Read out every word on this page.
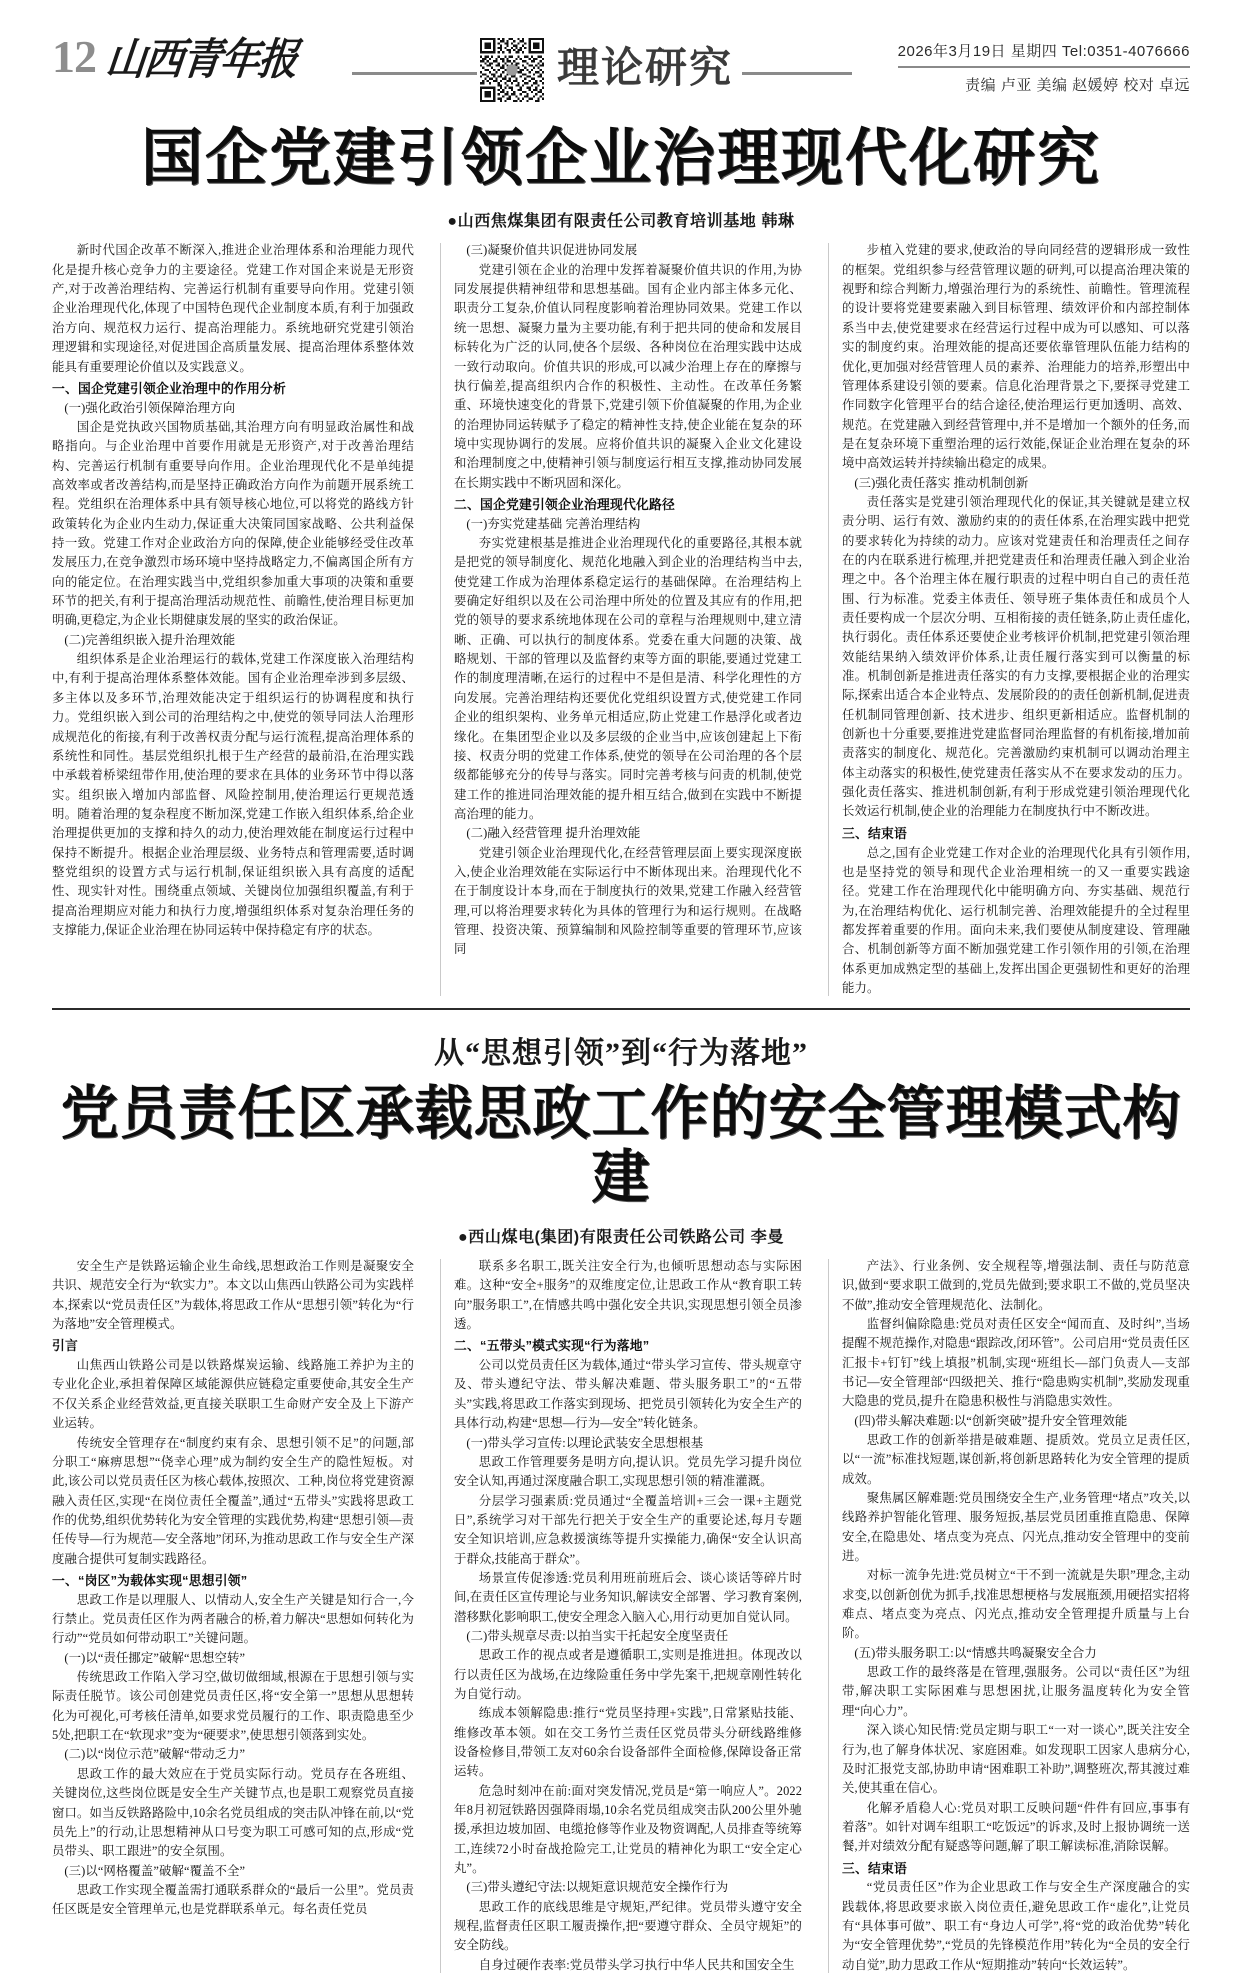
12 山西青年报	理论研究	2026年3月19日 星期四 Tel:0351-4076666
责编 卢亚 美编 赵媛婷 校对 卓远
国企党建引领企业治理现代化研究
●山西焦煤集团有限责任公司教育培训基地 韩琳

新时代国企改革不断深入,推进企业治理体系和治理能力现代化是提升核心竞争力的主要途径。党建工作对国企来说是无形资产,对于改善治理结构、完善运行机制有重要导向作用。党建引领企业治理现代化,体现了中国特色现代企业制度本质,有利于加强政治方向、规范权力运行、提高治理能力。系统地研究党建引领治理逻辑和实现途径,对促进国企高质量发展、提高治理体系整体效能具有重要理论价值以及实践意义。

一、国企党建引领企业治理中的作用分析

(一)强化政治引领保障治理方向

国企是党执政兴国物质基础,其治理方向有明显政治属性和战略指向。与企业治理中首要作用就是无形资产,对于改善治理结构、完善运行机制有重要导向作用。企业治理现代化不是单纯提高效率或者改善结构,而是坚持正确政治方向作为前题开展系统工程。党组织在治理体系中具有领导核心地位,可以将党的路线方针政策转化为企业内生动力,保证重大决策同国家战略、公共利益保持一致。党建工作对企业政治方向的保障,使企业能够经受住改革发展压力,在竞争激烈市场环境中坚持战略定力,不偏离国企所有方向的能定位。在治理实践当中,党组织参加重大事项的决策和重要环节的把关,有利于提高治理活动规范性、前瞻性,使治理目标更加明确,更稳定,为企业长期健康发展的坚实的政治保证。

(二)完善组织嵌入提升治理效能

组织体系是企业治理运行的载体,党建工作深度嵌入治理结构中,有利于提高治理体系整体效能。国有企业治理牵涉到多层级、多主体以及多环节,治理效能决定于组织运行的协调程度和执行力。党组织嵌入到公司的治理结构之中,使党的领导同法人治理形成规范化的衔接,有利于改善权责分配与运行流程,提高治理体系的系统性和同性。基层党组织扎根于生产经营的最前沿,在治理实践中承载着桥梁纽带作用,使治理的要求在具体的业务环节中得以落实。组织嵌入增加内部监督、风险控制用,使治理运行更规范透明。随着治理的复杂程度不断加深,党建工作嵌入组织体系,给企业治理提供更加的支撑和持久的动力,使治理效能在制度运行过程中保持不断提升。根据企业治理层级、业务特点和管理需要,适时调整党组织的设置方式与运行机制,保证组织嵌入具有高度的适配性、现实针对性。围绕重点领域、关键岗位加强组织覆盖,有利于提高治理期应对能力和执行力度,增强组织体系对复杂治理任务的支撑能力,保证企业治理在协同运转中保持稳定有序的状态。

(三)凝聚价值共识促进协同发展

党建引领在企业的治理中发挥着凝聚价值共识的作用,为协同发展提供精神纽带和思想基础。国有企业内部主体多元化、职责分工复杂,价值认同程度影响着治理协同效果。党建工作以统一思想、凝聚力量为主要功能,有利于把共同的使命和发展目标转化为广泛的认同,使各个层级、各种岗位在治理实践中达成一致行动取向。价值共识的形成,可以减少治理上存在的摩擦与执行偏差,提高组织内合作的积极性、主动性。在改革任务繁重、环境快速变化的背景下,党建引领下价值凝聚的作用,为企业的治理协同运转赋予了稳定的精神性支持,使企业能在复杂的环境中实现协调行的发展。应将价值共识的凝聚入企业文化建设和治理制度之中,使精神引领与制度运行相互支撑,推动协同发展在长期实践中不断巩固和深化。

二、国企党建引领企业治理现代化路径

(一)夯实党建基础 完善治理结构

夯实党建根基是推进企业治理现代化的重要路径,其根本就是把党的领导制度化、规范化地融入到企业的治理结构当中去,使党建工作成为治理体系稳定运行的基础保障。在治理结构上要确定好组织以及在公司治理中所处的位置及其应有的作用,把党的领导的要求系统地体现在公司的章程与治理规则中,建立清晰、正确、可以执行的制度体系。党委在重大问题的决策、战略规划、干部的管理以及监督约束等方面的职能,要通过党建工作的制度理清晰,在运行的过程中不是但是清、科学化理性的方向发展。完善治理结构还要优化党组织设置方式,使党建工作同企业的组织架构、业务单元相适应,防止党建工作悬浮化或者边缘化。在集团型企业以及多层级的企业当中,应该创建起上下衔接、权责分明的党建工作体系,使党的领导在公司治理的各个层级都能够充分的传导与落实。同时完善考核与问责的机制,使党建工作的推进同治理效能的提升相互结合,做到在实践中不断提高治理的能力。

(二)融入经营管理 提升治理效能

党建引领企业治理现代化,在经营管理层面上要实现深度嵌入,使企业治理效能在实际运行中不断体现出来。治理现代化不在于制度设计本身,而在于制度执行的效果,党建工作融入经营管理,可以将治理要求转化为具体的管理行为和运行规则。在战略管理、投资决策、预算编制和风险控制等重要的管理环节,应该同

步植入党建的要求,使政治的导向同经营的逻辑形成一致性的框架。党组织参与经营管理议题的研判,可以提高治理决策的视野和综合判断力,增强治理行为的系统性、前瞻性。管理流程的设计要将党建要素融入到目标管理、绩效评价和内部控制体系当中去,使党建要求在经营运行过程中成为可以感知、可以落实的制度约束。治理效能的提高还要依靠管理队伍能力结构的优化,更加强对经营管理人员的素养、治理能力的培养,形塑出中管理体系建设引领的要素。信息化治理背景之下,要探寻党建工作同数字化管理平台的结合途径,使治理运行更加透明、高效、规范。在党建融入到经营管理中,并不是增加一个额外的任务,而是在复杂环境下重塑治理的运行效能,保证企业治理在复杂的环境中高效运转并持续输出稳定的成果。

(三)强化责任落实 推动机制创新

责任落实是党建引领治理现代化的保证,其关键就是建立权责分明、运行有效、激励约束的的责任体系,在治理实践中把党的要求转化为持续的动力。应该对党建责任和治理责任之间存在的内在联系进行梳理,并把党建责任和治理责任融入到企业治理之中。各个治理主体在履行职责的过程中明白自己的责任范围、行为标准。党委主体责任、领导班子集体责任和成员个人责任要构成一个层次分明、互相衔接的责任链条,防止责任虚化,执行弱化。责任体系还要使企业考核评价机制,把党建引领治理效能结果纳入绩效评价体系,让责任履行落实到可以衡量的标准。机制创新是推进责任落实的有力支撑,要根据企业的治理实际,探索出适合本企业特点、发展阶段的的责任创新机制,促进责任机制同管理创新、技术进步、组织更新相适应。监督机制的创新也十分重要,要推进党建监督同治理监督的有机衔接,增加前责落实的制度化、规范化。完善激励约束机制可以调动治理主体主动落实的积极性,使党建责任落实从不在要求发动的压力。强化责任落实、推进机制创新,有利于形成党建引领治理现代化长效运行机制,使企业的治理能力在制度执行中不断改进。

三、结束语

总之,国有企业党建工作对企业的治理现代化具有引领作用,也是坚持党的领导和现代企业治理相统一的又一重要实践途径。党建工作在治理现代化中能明确方向、夯实基础、规范行为,在治理结构优化、运行机制完善、治理效能提升的全过程里都发挥着重要的作用。面向未来,我们要使从制度建设、管理融合、机制创新等方面不断加强党建工作引领作用的引领,在治理体系更加成熟定型的基础上,发挥出国企更强韧性和更好的治理能力。

从“思想引领”到“行为落地”
党员责任区承载思政工作的安全管理模式构建
●西山煤电(集团)有限责任公司铁路公司 李曼

安全生产是铁路运输企业生命线,思想政治工作则是凝聚安全共识、规范安全行为“软实力”。本文以山焦西山铁路公司为实践样本,探索以“党员责任区”为载体,将思政工作从“思想引领”转化为“行为落地”安全管理模式。

引言

山焦西山铁路公司是以铁路煤炭运输、线路施工养护为主的专业化企业,承担着保障区域能源供应链稳定重要使命,其安全生产不仅关系企业经营效益,更直接关联职工生命财产安全及上下游产业运转。

传统安全管理存在“制度约束有余、思想引领不足”的问题,部分职工“麻痹思想”“侥幸心理”成为制约安全生产的隐性短板。对此,该公司以党员责任区为核心载体,按照次、工种,岗位将党建资源融入责任区,实现“在岗位责任全覆盖”,通过“五带头”实践将思政工作的优势,组织优势转化为安全管理的实践优势,构建“思想引领—责任传导—行为规范—安全落地”闭环,为推动思政工作与安全生产深度融合提供可复制实践路径。

一、“岗区”为载体实现“思想引领”

思政工作是以理服人、以情动人,安全生产关键是知行合一,今行禁止。党员责任区作为两者融合的桥,着力解决“思想如何转化为行动”“党员如何带动职工”关键问题。

(一)以“责任挪定”破解“思想空转”

传统思政工作陷入学习空,做切做细域,根源在于思想引领与实际责任脱节。该公司创建党员责任区,将“安全第一”思想从思想转化为可视化,可考核任清单,如要求党员履行的工作、职责隐患至少5处,把职工在“软现求”变为“硬要求”,使思想引领落到实处。

(二)以“岗位示范”破解“带动乏力”

思政工作的最大效应在于党员实际行动。党员存在各班组、关键岗位,这些岗位既是安全生产关键节点,也是职工观察党员直接窗口。如当反铁路路险中,10余名党员组成的突击队冲锋在前,以“党员先上”的行动,让思想精神从口号变为职工可感可知的点,形成“党员带头、职工跟进”的安全氛围。

(三)以“网格覆盖”破解“覆盖不全”

思政工作实现全覆盖需打通联系群众的“最后一公里”。党员责任区既是安全管理单元,也是党群联系单元。每名责任党员

联系多名职工,既关注安全行为,也倾听思想动态与实际困难。这种“安全+服务”的双维度定位,让思政工作从“教育职工转向”服务职工”,在情感共鸣中强化安全共识,实现思想引领全员渗透。

二、“五带头”模式实现“行为落地”

公司以党员责任区为载体,通过“带头学习宣传、带头规章守及、带头遵纪守法、带头解决难题、带头服务职工”的“五带头”实践,将思政工作落实到现场、把党员引领转化为安全生产的具体行动,构建“思想—行为—安全”转化链条。

(一)带头学习宣传:以理论武装安全思想根基

思政工作管理要务是明方向,提认识。党员先学习提升岗位安全认知,再通过深度融合职工,实现思想引领的精准灌溉。

分层学习强素质:党员通过“全覆盖培训+三会一课+主题党日”,系统学习对干部先行把关于安全生产的重要论述,每月专题安全知识培训,应急救援演练等提升实操能力,确保“安全认识高于群众,技能高于群众”。

场景宣传促渗透:党员利用班前班后会、谈心谈话等碎片时间,在责任区宣传理论与业务知识,解读安全部署、学习教育案例,潜移默化影响职工,使安全理念入脑入心,用行动更加自觉认同。

(二)带头规章尽责:以拍当实干托起安全度坚责任

思政工作的视点或者是遵循职工,实则是推进担。体现改以行以责任区为战场,在边缘险重任务中学先案干,把规章刚性转化为自觉行动。

练成本领解隐患:推行“党员坚持理+实践”,日常紧贴技能、维修改革本领。如在交工务竹兰责任区党员带头分研线路维修设备检修目,带领工友对60余台设备部件全面检修,保障设备正常运转。

危急时刻冲在前:面对突发情况,党员是“第一响应人”。2022年8月初冠铁路因强降雨塌,10余名党员组成突击队200公里外驰援,承担边坡加固、电缆抢修等作业及物资调配,人员排查等统筹工,连续72小时奋战抢险完工,让党员的精神化为职工“安全定心丸”。

(三)带头遵纪守法:以规矩意识规范安全操作行为

思政工作的底线思维是守规矩,严纪律。党员带头遵守安全规程,监督责任区职工履责操作,把“要遵守群众、全员守规矩”的安全防线。

自身过硬作表率:党员带头学习执行中华人民共和国安全生

产法》、行业条例、安全规程等,增强法制、责任与防范意识,做到“要求职工做到的,党员先做到;要求职工不做的,党员坚决不做”,推动安全管理规范化、法制化。

监督纠偏除隐患:党员对责任区安全“闻而直、及时纠”,当场提醒不规范操作,对隐患“跟踪改,闭环管”。公司启用“党员责任区汇报卡+钉钉”线上填报”机制,实现“班组长—部门负责人—支部书记—安全管理部“四级把关、推行“隐患购实机制”,奖励发现重大隐患的党员,提升在隐患积极性与消隐患实效性。

(四)带头解决难题:以“创新突破”提升安全管理效能

思政工作的创新举措是破难题、提质效。党员立足责任区,以“一流”标准找短题,谋创新,将创新思路转化为安全管理的提质成效。

聚焦属区解难题:党员围绕安全生产,业务管理“堵点”攻关,以线路养护智能化管理、服务短扳,基层党员团重推直隐患、保障安全,在隐患处、堵点变为亮点、闪光点,推动安全管理中的变前进。

对标一流争先进:党员树立“干不到一流就是失职”理念,主动求变,以创新创优为抓手,找准思想梗格与发展瓶颈,用硬招实招将难点、堵点变为亮点、闪光点,推动安全管理提升质量与上台阶。

(五)带头服务职工:以“情感共鸣凝聚安全合力

思政工作的最终落是在管理,强服务。公司以“责任区”为纽带,解决职工实际困难与思想困扰,让服务温度转化为安全管理“向心力”。

深入谈心知民情:党员定期与职工“一对一谈心”,既关注安全行为,也了解身体状况、家庭困难。如发现职工因家人患病分心,及时汇报党支部,协助申请“困难职工补助”,调整班次,帮其渡过难关,使其重在信心。

化解矛盾稳人心:党员对职工反映问题“件件有回应,事事有着落”。如针对调车组职工“吃饭远”的诉求,及时上报协调统一送餐,并对绩效分配有疑惑等问题,解了职工解读标准,消除误解。

三、结束语

“党员责任区”作为企业思政工作与安全生产深度融合的实践载体,将思政要求嵌入岗位责任,避免思政工作“虚化”,让党员有“具体事可做”、职工有“身边人可学”,将“党的政治优势”转化为“安全管理优势”,“党员的先锋模范作用”转化为“全员的安全行动自觉”,助力思政工作从“短期推动”转向“长效运转”。
